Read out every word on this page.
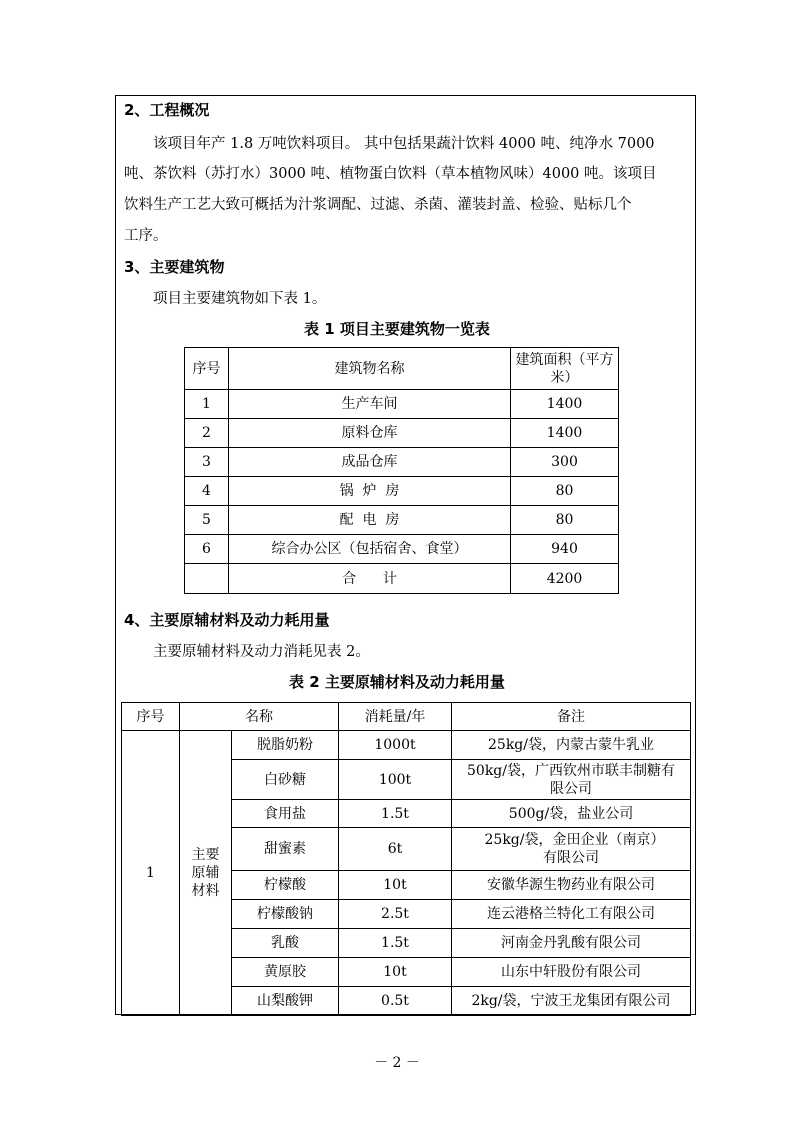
2、工程概况
该项目年产 1.8 万吨饮料项目。 其中包括果蔬汁饮料 4000 吨、纯净水 7000
吨、茶饮料（苏打水）3000 吨、植物蛋白饮料（草本植物风味）4000 吨。该项目
饮料生产工艺大致可概括为汁浆调配、过滤、杀菌、灌装封盖、检验、贴标几个
工序。
3、主要建筑物
项目主要建筑物如下表 1。
表 1 项目主要建筑物一览表
序号	建筑物名称	建筑面积（平方米）
1	生产车间	1400
2	原料仓库	1400
3	成品仓库	300
4	锅  炉  房	80
5	配  电  房	80
6	综合办公区（包括宿舍、食堂）	940
	合      计	4200
4、主要原辅材料及动力耗用量
主要原辅材料及动力消耗见表 2。
表 2 主要原辅材料及动力耗用量
序号	名称		消耗量/年	备注
1	主要原辅材料	脱脂奶粉	1000t	25kg/袋，内蒙古蒙牛乳业
		白砂糖	100t	50kg/袋，广西钦州市联丰制糖有限公司
		食用盐	1.5t	500g/袋，盐业公司
		甜蜜素	6t	25kg/袋，金田企业（南京）有限公司
		柠檬酸	10t	安徽华源生物药业有限公司
		柠檬酸钠	2.5t	连云港格兰特化工有限公司
		乳酸	1.5t	河南金丹乳酸有限公司
		黄原胶	10t	山东中轩股份有限公司
		山梨酸钾	0.5t	2kg/袋，宁波王龙集团有限公司
－ 2 －
